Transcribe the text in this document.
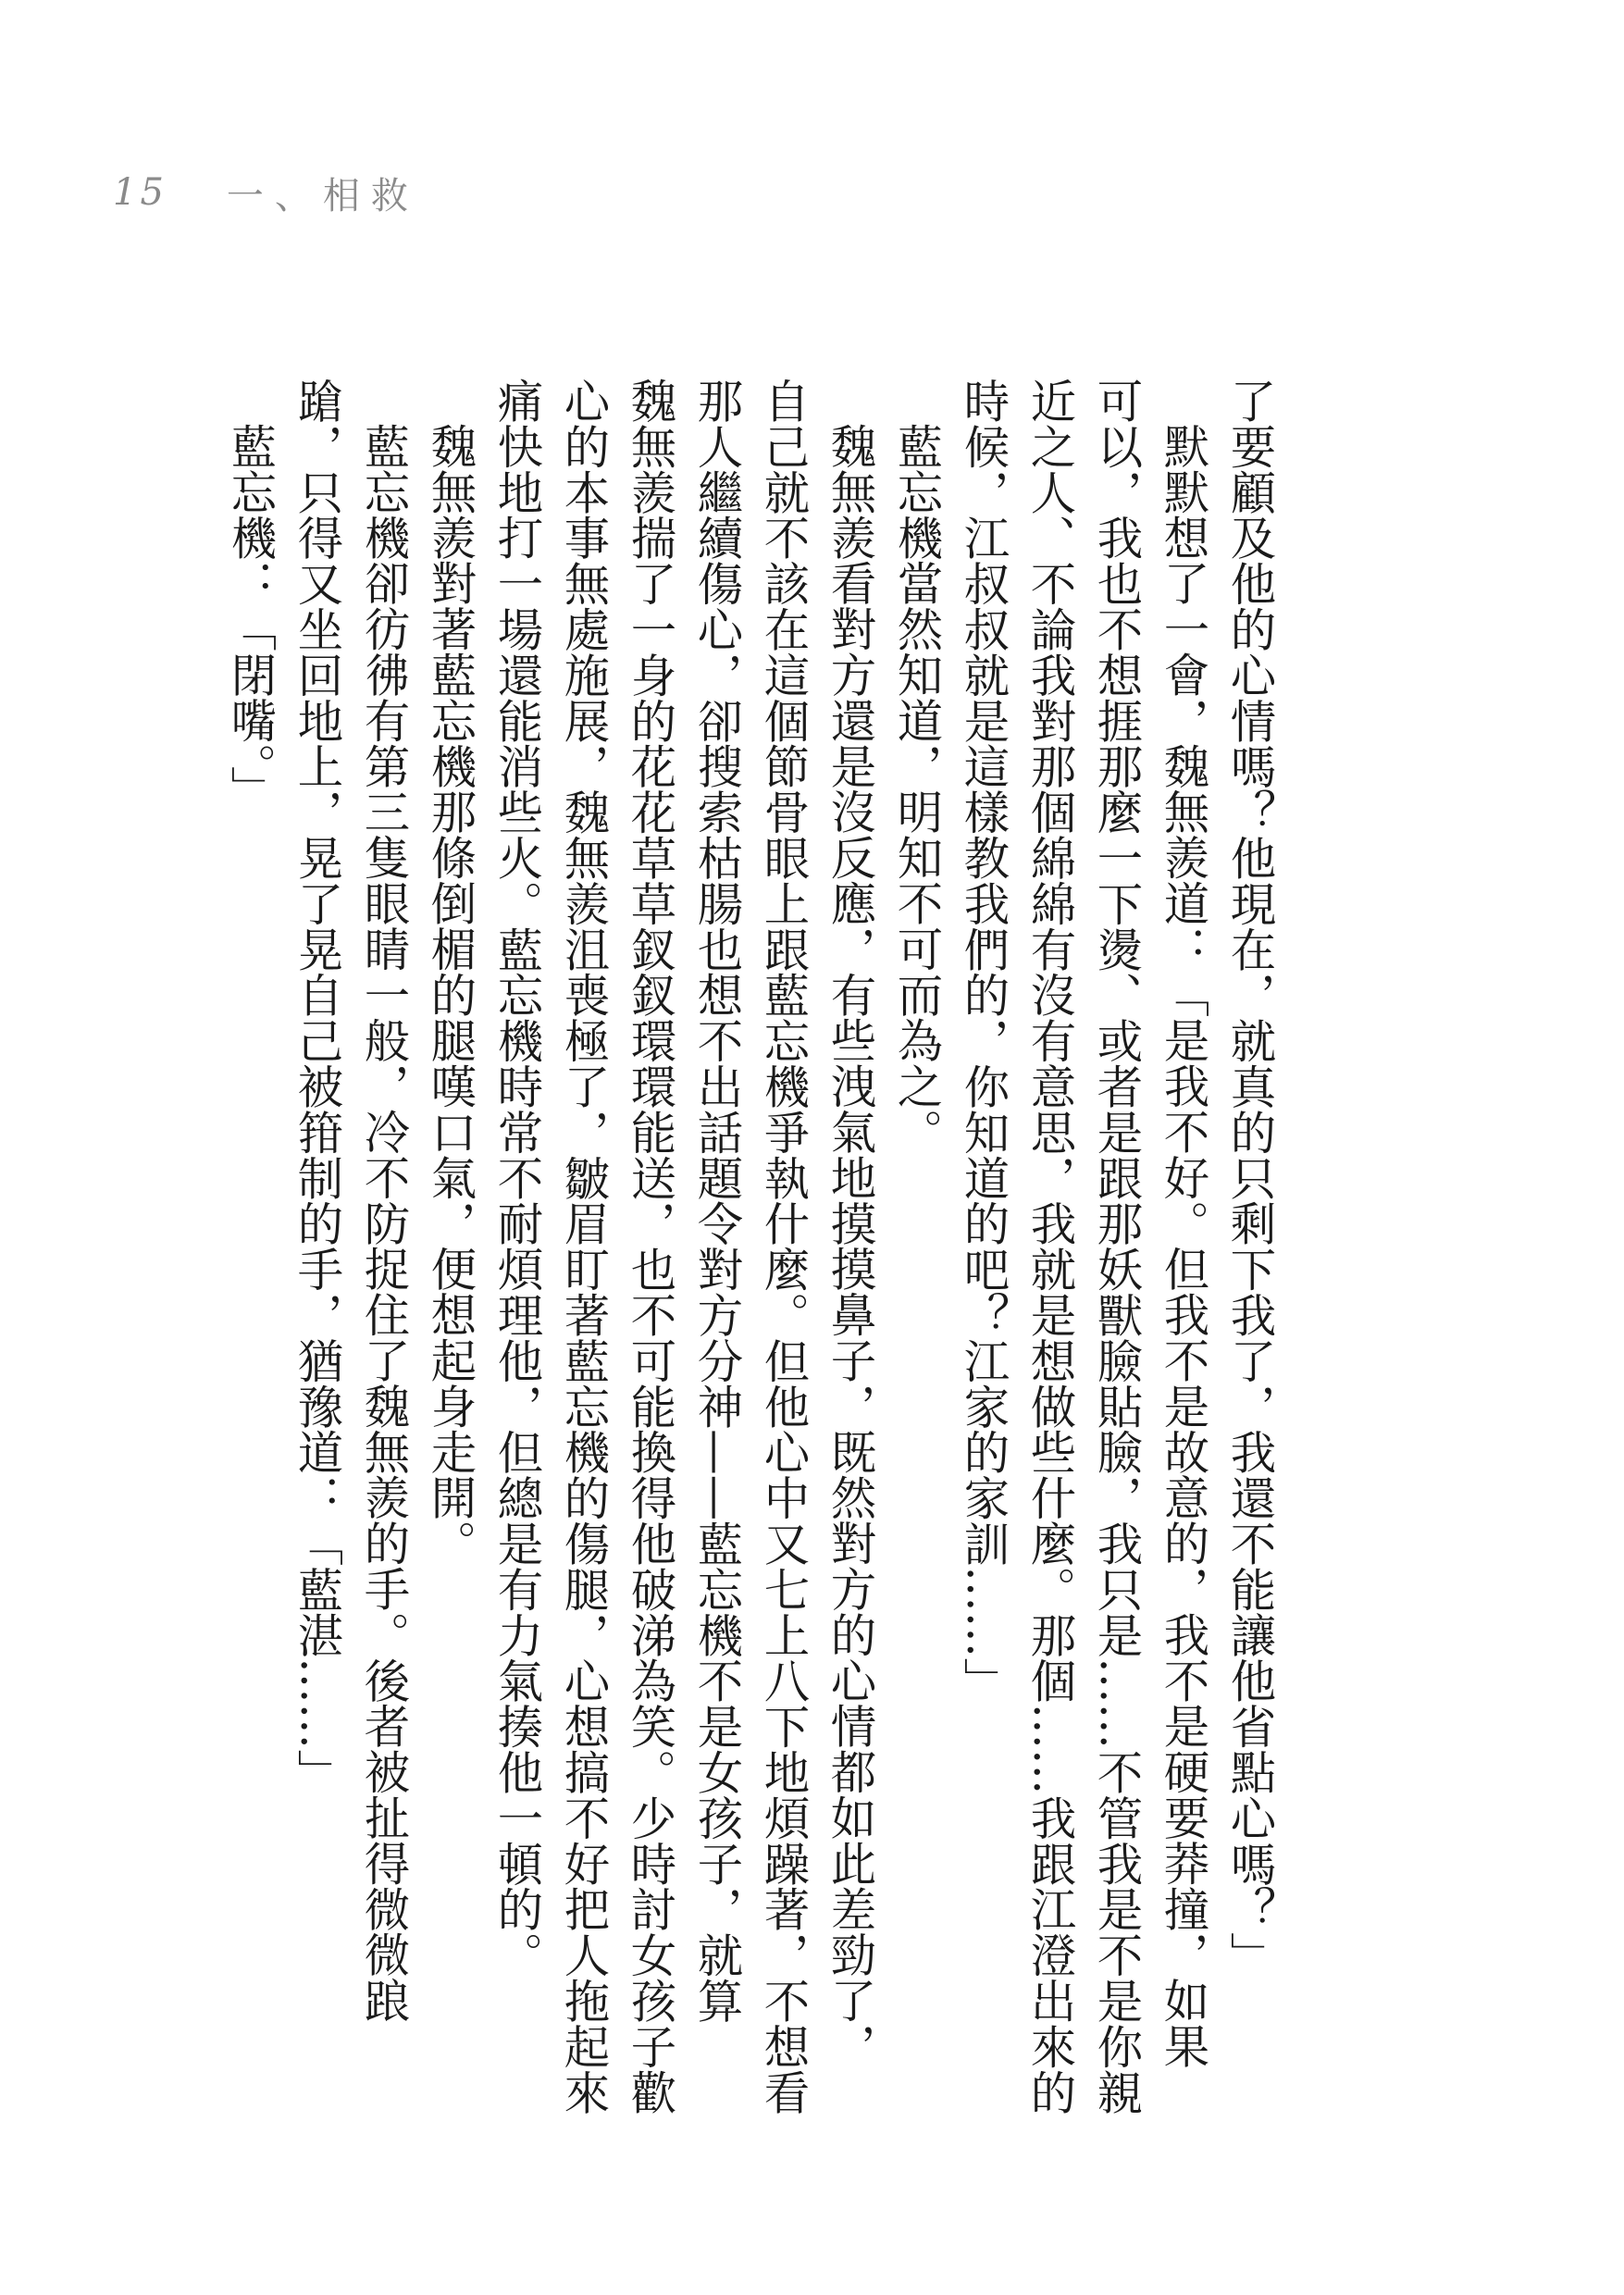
15 一、相救
了要顧及他的心情嗎？他現在，就真的只剩下我了，我還不能讓他省點心嗎？」
默默想了一會，魏無羨道：「是我不好。但我不是故意的，我不是硬要莽撞，如果
可以，我也不想捱那麼一下燙、或者是跟那妖獸臉貼臉，我只是……不管我是不是你親
近之人、不論我對那個綿綿有沒有意思，我就是想做些什麼。那個……我跟江澄出來的
時候，江叔叔就是這樣教我們的，你知道的吧？江家的家訓……」
藍忘機當然知道，明知不可而為之。
魏無羨看對方還是沒反應，有些洩氣地摸摸鼻子，既然對方的心情都如此差勁了，
自己就不該在這個節骨眼上跟藍忘機爭執什麼。但他心中又七上八下地煩躁著，不想看
那人繼續傷心，卻搜索枯腸也想不出話題令對方分神——藍忘機不是女孩子，就算
魏無羨揣了一身的花花草草釵釵環環能送，也不可能換得他破涕為笑。少時討女孩子歡
心的本事無處施展，魏無羨沮喪極了，皺眉盯著藍忘機的傷腿，心想搞不好把人拖起來
痛快地打一場還能消些火。藍忘機時常不耐煩理他，但總是有力氣揍他一頓的。
魏無羨對著藍忘機那條倒楣的腿嘆口氣，便想起身走開。
藍忘機卻彷彿有第三隻眼睛一般，冷不防捉住了魏無羨的手。後者被扯得微微踉
蹌，只得又坐回地上，晃了晃自己被箝制的手，猶豫道：「藍湛……」
藍忘機：「閉嘴。」
